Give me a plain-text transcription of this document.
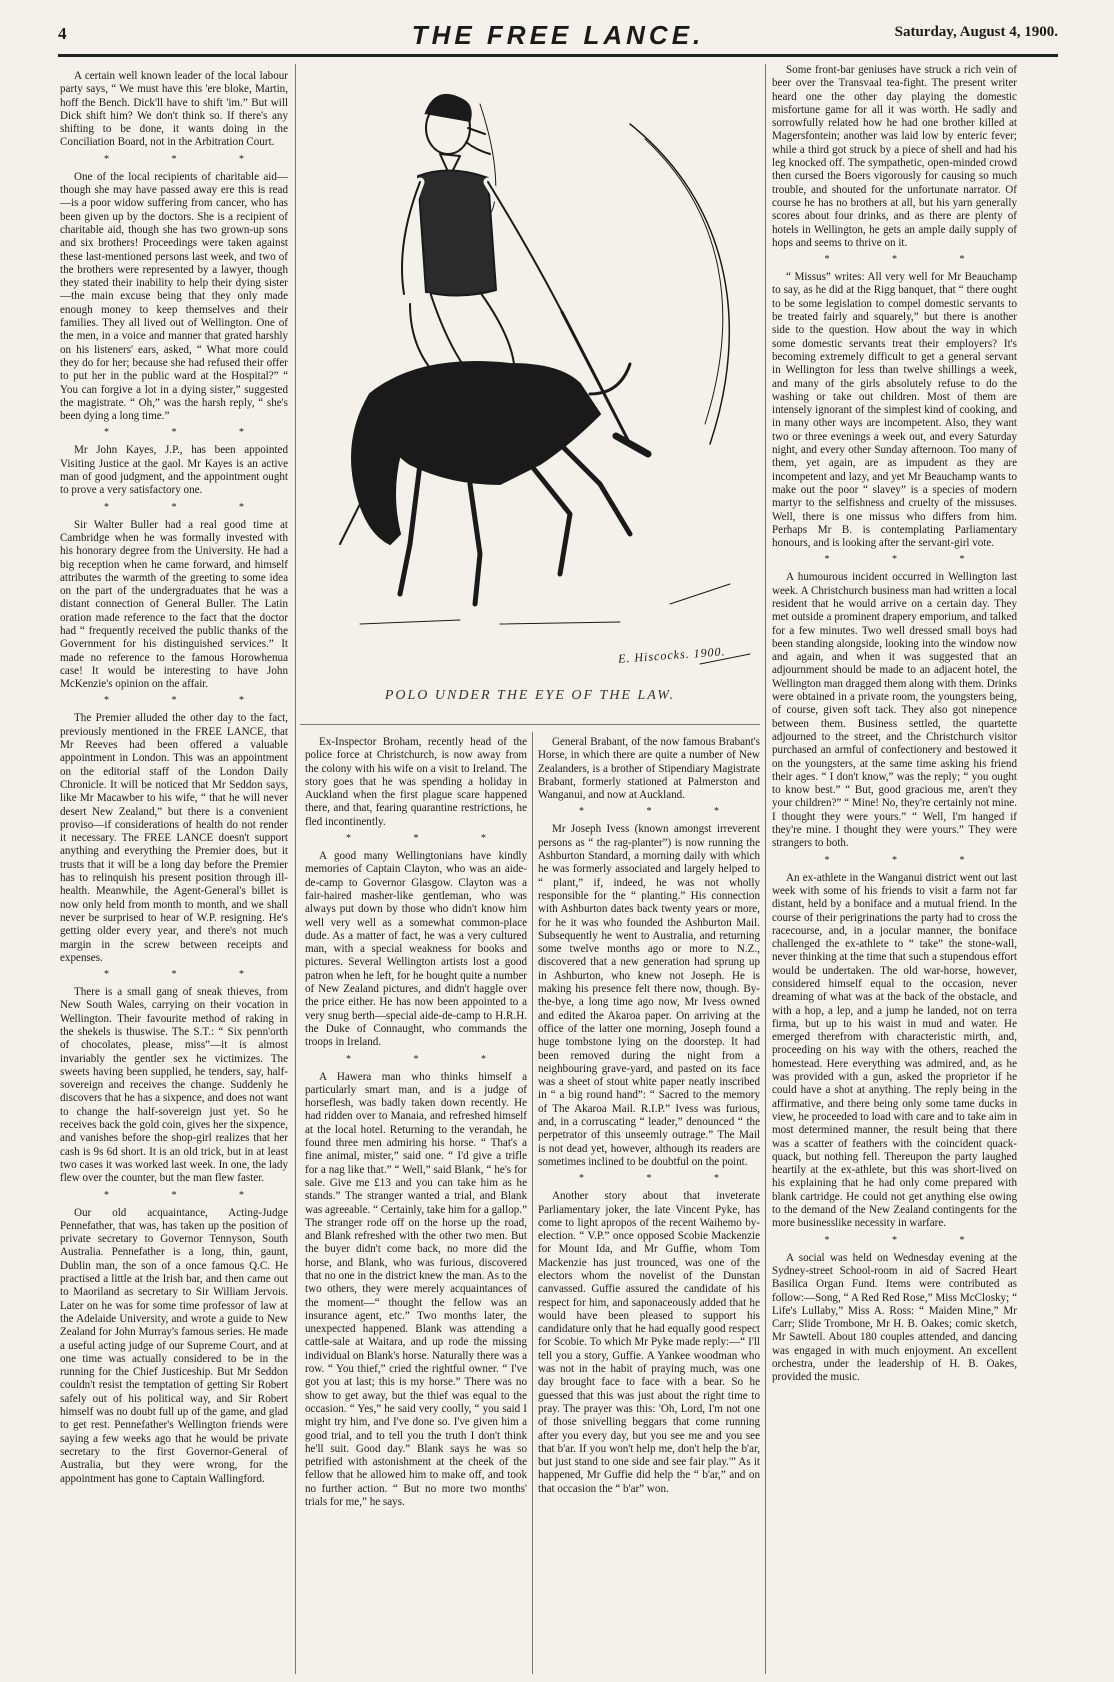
4	THE FREE LANCE.	Saturday, August 4, 1900.
E. Hiscocks. 1900.
POLO UNDER THE EYE OF THE LAW.

A certain well known leader of the local labour party says, “ We must have this 'ere bloke, Martin, hoff the Bench. Dick'll have to shift 'im.” But will Dick shift him? We don't think so. If there's any shifting to be done, it wants doing in the Conciliation Board, not in the Arbitration Court.

* * *

One of the local recipients of charitable aid—though she may have passed away ere this is read—is a poor widow suffering from cancer, who has been given up by the doctors. She is a recipient of charitable aid, though she has two grown-up sons and six brothers! Proceedings were taken against these last-mentioned persons last week, and two of the brothers were represented by a lawyer, though they stated their inability to help their dying sister—the main excuse being that they only made enough money to keep themselves and their families. They all lived out of Wellington. One of the men, in a voice and manner that grated harshly on his listeners' ears, asked, “ What more could they do for her; because she had refused their offer to put her in the public ward at the Hospital?” “ You can forgive a lot in a dying sister,” suggested the magistrate. “ Oh,” was the harsh reply, “ she's been dying a long time.”

* * *

Mr John Kayes, J.P., has been appointed Visiting Justice at the gaol. Mr Kayes is an active man of good judgment, and the appointment ought to prove a very satisfactory one.

* * *

Sir Walter Buller had a real good time at Cambridge when he was formally invested with his honorary degree from the University. He had a big reception when he came forward, and himself attributes the warmth of the greeting to some idea on the part of the undergraduates that he was a distant connection of General Buller. The Latin oration made reference to the fact that the doctor had “ frequently received the public thanks of the Government for his distinguished services.” It made no reference to the famous Horowhenua case! It would be interesting to have John McKenzie's opinion on the affair.

* * *

The Premier alluded the other day to the fact, previously mentioned in the FREE LANCE, that Mr Reeves had been offered a valuable appointment in London. This was an appointment on the editorial staff of the London Daily Chronicle. It will be noticed that Mr Seddon says, like Mr Macawber to his wife, “ that he will never desert New Zealand,” but there is a convenient proviso—if considerations of health do not render it necessary. The FREE LANCE doesn't support anything and everything the Premier does, but it trusts that it will be a long day before the Premier has to relinquish his present position through ill-health. Meanwhile, the Agent-General's billet is now only held from month to month, and we shall never be surprised to hear of W.P. resigning. He's getting older every year, and there's not much margin in the screw between receipts and expenses.

* * *

There is a small gang of sneak thieves, from New South Wales, carrying on their vocation in Wellington. Their favourite method of raking in the shekels is thuswise. The S.T.: “ Six penn'orth of chocolates, please, miss”—it is almost invariably the gentler sex he victimizes. The sweets having been supplied, he tenders, say, half-sovereign and receives the change. Suddenly he discovers that he has a sixpence, and does not want to change the half-sovereign just yet. So he receives back the gold coin, gives her the sixpence, and vanishes before the shop-girl realizes that her cash is 9s 6d short. It is an old trick, but in at least two cases it was worked last week. In one, the lady flew over the counter, but the man flew faster.

* * *

Our old acquaintance, Acting-Judge Pennefather, that was, has taken up the position of private secretary to Governor Tennyson, South Australia. Pennefather is a long, thin, gaunt, Dublin man, the son of a once famous Q.C. He practised a little at the Irish bar, and then came out to Maoriland as secretary to Sir William Jervois. Later on he was for some time professor of law at the Adelaide University, and wrote a guide to New Zealand for John Murray's famous series. He made a useful acting judge of our Supreme Court, and at one time was actually considered to be in the running for the Chief Justiceship. But Mr Seddon couldn't resist the temptation of getting Sir Robert safely out of his political way, and Sir Robert himself was no doubt full up of the game, and glad to get rest. Pennefather's Wellington friends were saying a few weeks ago that he would be private secretary to the first Governor-General of Australia, but they were wrong, for the appointment has gone to Captain Wallingford.

Ex-Inspector Broham, recently head of the police force at Christchurch, is now away from the colony with his wife on a visit to Ireland. The story goes that he was spending a holiday in Auckland when the first plague scare happened there, and that, fearing quarantine restrictions, he fled incontinently.

* * *

A good many Wellingtonians have kindly memories of Captain Clayton, who was an aide-de-camp to Governor Glasgow. Clayton was a fair-haired masher-like gentleman, who was always put down by those who didn't know him well very well as a somewhat common-place dude. As a matter of fact, he was a very cultured man, with a special weakness for books and pictures. Several Wellington artists lost a good patron when he left, for he bought quite a number of New Zealand pictures, and didn't haggle over the price either. He has now been appointed to a very snug berth—special aide-de-camp to H.R.H. the Duke of Connaught, who commands the troops in Ireland.

* * *

A Hawera man who thinks himself a particularly smart man, and is a judge of horseflesh, was badly taken down recently. He had ridden over to Manaia, and refreshed himself at the local hotel. Returning to the verandah, he found three men admiring his horse. “ That's a fine animal, mister,” said one. “ I'd give a trifle for a nag like that.” “ Well,” said Blank, “ he's for sale. Give me £13 and you can take him as he stands.” The stranger wanted a trial, and Blank was agreeable. “ Certainly, take him for a gallop.” The stranger rode off on the horse up the road, and Blank refreshed with the other two men. But the buyer didn't come back, no more did the horse, and Blank, who was furious, discovered that no one in the district knew the man. As to the two others, they were merely acquaintances of the moment—“ thought the fellow was an insurance agent, etc.” Two months later, the unexpected happened. Blank was attending a cattle-sale at Waitara, and up rode the missing individual on Blank's horse. Naturally there was a row. “ You thief,” cried the rightful owner. “ I've got you at last; this is my horse.” There was no show to get away, but the thief was equal to the occasion. “ Yes,” he said very coolly, “ you said I might try him, and I've done so. I've given him a good trial, and to tell you the truth I don't think he'll suit. Good day.” Blank says he was so petrified with astonishment at the cheek of the fellow that he allowed him to make off, and took no further action. “ But no more two months' trials for me,” he says.

General Brabant, of the now famous Brabant's Horse, in which there are quite a number of New Zealanders, is a brother of Stipendiary Magistrate Brabant, formerly stationed at Palmerston and Wanganui, and now at Auckland.

* * *

Mr Joseph Ivess (known amongst irreverent persons as “ the rag-planter”) is now running the Ashburton Standard, a morning daily with which he was formerly associated and largely helped to “ plant,” if, indeed, he was not wholly responsible for the “ planting.” His connection with Ashburton dates back twenty years or more, for he it was who founded the Ashburton Mail. Subsequently he went to Australia, and returning some twelve months ago or more to N.Z., discovered that a new generation had sprung up in Ashburton, who knew not Joseph. He is making his presence felt there now, though. By-the-bye, a long time ago now, Mr Ivess owned and edited the Akaroa paper. On arriving at the office of the latter one morning, Joseph found a huge tombstone lying on the doorstep. It had been removed during the night from a neighbouring grave-yard, and pasted on its face was a sheet of stout white paper neatly inscribed in “ a big round hand”: “ Sacred to the memory of The Akaroa Mail. R.I.P.” Ivess was furious, and, in a corruscating “ leader,” denounced “ the perpetrator of this unseemly outrage.” The Mail is not dead yet, however, although its readers are sometimes inclined to be doubtful on the point.

* * *

Another story about that inveterate Parliamentary joker, the late Vincent Pyke, has come to light apropos of the recent Waihemo by-election. “ V.P.” once opposed Scobie Mackenzie for Mount Ida, and Mr Guffie, whom Tom Mackenzie has just trounced, was one of the electors whom the novelist of the Dunstan canvassed. Guffie assured the candidate of his respect for him, and saponaceously added that he would have been pleased to support his candidature only that he had equally good respect for Scobie. To which Mr Pyke made reply:—“ I'll tell you a story, Guffie. A Yankee woodman who was not in the habit of praying much, was one day brought face to face with a bear. So he guessed that this was just about the right time to pray. The prayer was this: 'Oh, Lord, I'm not one of those snivelling beggars that come running after you every day, but you see me and you see that b'ar. If you won't help me, don't help the b'ar, but just stand to one side and see fair play.'” As it happened, Mr Guffie did help the “ b'ar,” and on that occasion the “ b'ar” won.

Some front-bar geniuses have struck a rich vein of beer over the Transvaal tea-fight. The present writer heard one the other day playing the domestic misfortune game for all it was worth. He sadly and sorrowfully related how he had one brother killed at Magersfontein; another was laid low by enteric fever; while a third got struck by a piece of shell and had his leg knocked off. The sympathetic, open-minded crowd then cursed the Boers vigorously for causing so much trouble, and shouted for the unfortunate narrator. Of course he has no brothers at all, but his yarn generally scores about four drinks, and as there are plenty of hotels in Wellington, he gets an ample daily supply of hops and seems to thrive on it.

* * *

“ Missus” writes: All very well for Mr Beauchamp to say, as he did at the Rigg banquet, that “ there ought to be some legislation to compel domestic servants to be treated fairly and squarely,” but there is another side to the question. How about the way in which some domestic servants treat their employers? It's becoming extremely difficult to get a general servant in Wellington for less than twelve shillings a week, and many of the girls absolutely refuse to do the washing or take out children. Most of them are intensely ignorant of the simplest kind of cooking, and in many other ways are incompetent. Also, they want two or three evenings a week out, and every Saturday night, and every other Sunday afternoon. Too many of them, yet again, are as impudent as they are incompetent and lazy, and yet Mr Beauchamp wants to make out the poor “ slavey” is a species of modern martyr to the selfishness and cruelty of the missuses. Well, there is one missus who differs from him. Perhaps Mr B. is contemplating Parliamentary honours, and is looking after the servant-girl vote.

* * *

A humourous incident occurred in Wellington last week. A Christchurch business man had written a local resident that he would arrive on a certain day. They met outside a prominent drapery emporium, and talked for a few minutes. Two well dressed small boys had been standing alongside, looking into the window now and again, and when it was suggested that an adjournment should be made to an adjacent hotel, the Wellington man dragged them along with them. Drinks were obtained in a private room, the youngsters being, of course, given soft tack. They also got ninepence between them. Business settled, the quartette adjourned to the street, and the Christchurch visitor purchased an armful of confectionery and bestowed it on the youngsters, at the same time asking his friend their ages. “ I don't know,” was the reply; “ you ought to know best.” “ But, good gracious me, aren't they your children?” “ Mine! No, they're certainly not mine. I thought they were yours.” “ Well, I'm hanged if they're mine. I thought they were yours.” They were strangers to both.

* * *

An ex-athlete in the Wanganui district went out last week with some of his friends to visit a farm not far distant, held by a boniface and a mutual friend. In the course of their perigrinations the party had to cross the racecourse, and, in a jocular manner, the boniface challenged the ex-athlete to “ take” the stone-wall, never thinking at the time that such a stupendous effort would be undertaken. The old war-horse, however, considered himself equal to the occasion, never dreaming of what was at the back of the obstacle, and with a hop, a lep, and a jump he landed, not on terra firma, but up to his waist in mud and water. He emerged therefrom with characteristic mirth, and, proceeding on his way with the others, reached the homestead. Here everything was admired, and, as he was provided with a gun, asked the proprietor if he could have a shot at anything. The reply being in the affirmative, and there being only some tame ducks in view, he proceeded to load with care and to take aim in most determined manner, the result being that there was a scatter of feathers with the coincident quack-quack, but nothing fell. Thereupon the party laughed heartily at the ex-athlete, but this was short-lived on his explaining that he had only come prepared with blank cartridge. He could not get anything else owing to the demand of the New Zealand contingents for the more businesslike necessity in warfare.

* * *

A social was held on Wednesday evening at the Sydney-street School-room in aid of Sacred Heart Basilica Organ Fund. Items were contributed as follow:—Song, “ A Red Red Rose,” Miss McClosky; “ Life's Lullaby,” Miss A. Ross: “ Maiden Mine,” Mr Carr; Slide Trombone, Mr H. B. Oakes; comic sketch, Mr Sawtell. About 180 couples attended, and dancing was engaged in with much enjoyment. An excellent orchestra, under the leadership of H. B. Oakes, provided the music.
